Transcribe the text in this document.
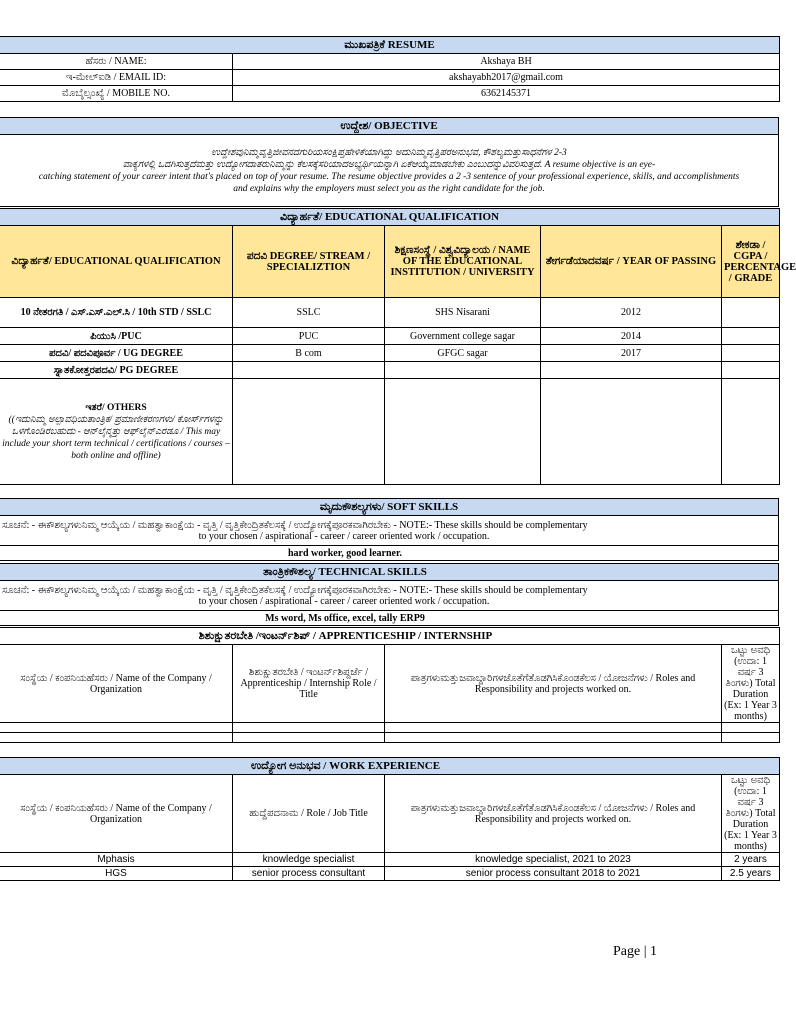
ಮುಖಪತ್ರಿಕೆ RESUME	
ಹೆಸರು / NAME:	Akshaya BH
ಇ-ಮೇಲ್ಐಡಿ / EMAIL ID:	akshayabh2017@gmail.com
ಮೊಬೈಲ್ಸಂಖ್ಯೆ / MOBILE NO.	6362145371
ಉದ್ದೇಶ/ OBJECTIVE

ಉದ್ದೇಶವುನಿಮ್ಮವೃತ್ತಿಜೀವನದಗುರಿಯಸಂಕ್ಷಿಪ್ತಹೇಳಿಕೆಯಾಗಿದ್ದು ಅದುನಿಮ್ಮವೃತ್ತಿಪರಅನುಭವ, ಕೌಶಲ್ಯಮತ್ತುಸಾಧನೆಗಳ 2-3
ವಾಕ್ಯಗಳಲ್ಲಿ ಒದಗಿಸುತ್ತದೆಮತ್ತು ಉದ್ಯೋಗದಾತರುನಿಮ್ಮನ್ನು ಕೆಲಸಕ್ಕೆಸರಿಯಾದಅಭ್ಯರ್ಥಿಯನ್ನಾಗಿ ಏಕೆಆಯ್ಕೆಮಾಡಬೇಕು ಎಂಬುದನ್ನುವಿವರಿಸುತ್ತದೆ. A resume objective is an eye-
catching statement of your career intent that's placed on top of your resume. The resume objective provides a 2 -3 sentence of your professional experience, skills, and accomplishments
and explains why the employers must select you as the right candidate for the job.
ವಿದ್ಯಾರ್ಹತೆ/ EDUCATIONAL QUALIFICATION				
ವಿದ್ಯಾರ್ಹತೆ/ EDUCATIONAL QUALIFICATION	ಪದವಿ DEGREE/ STREAM / SPECIALIZTION	ಶಿಕ್ಷಣಸಂಸ್ಥೆ / ವಿಶ್ವವಿದ್ಯಾಲಯ / NAME OF THE EDUCATIONAL INSTITUTION / UNIVERSITY	ತೇರ್ಗಡೆಯಾದವರ್ಷ / YEAR OF PASSING	ಶೇಕಡಾ / CGPA / PERCENTAGE / GRADE
10 ನೇತರಗತಿ / ಎಸ್.ಎಸ್.ಎಲ್.ಸಿ / 10th STD / SSLC	SSLC	SHS Nisarani	2012	
ಪಿಯುಸಿ /PUC	PUC	Government college sagar	2014	
ಪದವಿ/ ಪದವಿಪೂರ್ವ / UG DEGREE	B com	GFGC sagar	2017	
ಸ್ನಾತಕೋತ್ತರಪದವಿ/ PG DEGREE				

ಇತರೆ/ OTHERS
((ಇದುನಿಮ್ಮ ಅಲ್ಪಾವಧಿಯತಾಂತ್ರಿಕ/ ಪ್ರಮಾಣೀಕರಣಗಳು/ ಕೋರ್ಸ್‌ಗಳನ್ನು ಒಳಗೊಂಡಿರಬಹುದು - ಆನ್‌ಲೈನ್ಮತ್ತು ಆಫ್‌ಲೈನ್ಎರಡೂ / This may include your short term technical / certifications / courses – both online and offline)				

ಮೃದುಕೌಶಲ್ಯಗಳು/ SOFT SKILLS

ಸೂಚನೆ: - ಈಕೌಶಲ್ಯಗಳುನಿಮ್ಮ ಆಯ್ಕೆಯ / ಮಹತ್ವಾಕಾಂಕ್ಷೆಯ - ವೃತ್ತಿ / ವೃತ್ತಿಕೇಂದ್ರಿತಕೆಲಸಕ್ಕೆ / ಉದ್ಯೋಗಕ್ಕೆಪೂರಕವಾಗಿರಬೇಕು - NOTE:- These skills should be complementary
to your chosen / aspirational - career / career oriented work / occupation.

hard worker, good learner.
ತಾಂತ್ರಿಕಕೌಶಲ್ಯ/ TECHNICAL SKILLS

ಸೂಚನೆ: - ಈಕೌಶಲ್ಯಗಳುನಿಮ್ಮ ಆಯ್ಕೆಯ / ಮಹತ್ವಾಕಾಂಕ್ಷೆಯ - ವೃತ್ತಿ / ವೃತ್ತಿಕೇಂದ್ರಿತಕೆಲಸಕ್ಕೆ / ಉದ್ಯೋಗಕ್ಕೆಪೂರಕವಾಗಿರಬೇಕು - NOTE:- These skills should be complementary
to your chosen / aspirational - career / career oriented work / occupation.

Ms word, Ms office, excel, tally ERP9
ಶಿಶುಕ್ಷುತರಬೇತಿ /ಇಂಟರ್ನ್‌ಶಿಪ್ / APPRENTICESHIP / INTERNSHIP			
ಸಂಸ್ಥೆಯ / ಕಂಪನಿಯಹೆಸರು / Name of the Company / Organization	ಶಿಶುಕ್ಷುತರಬೇತಿ / ಇಂಟರ್ನ್‌ಶಿಪ್ದರ್ಜೆ / Apprenticeship / Internship Role / Title	ಪಾತ್ರಗಳುಮತ್ತುಜವಾಬ್ದಾರಿಗಳಜೊತೆಗೆತೊಡಗಿಸಿಕೊಂಡಕೆಲಸ / ಯೋಜನೆಗಳು / Roles and Responsibility and projects worked on.	ಒಟ್ಟು ಅವಧಿ (ಉದಾ: 1 ವರ್ಷ 3 ತಿಂಗಳು) Total Duration (Ex: 1 Year 3 months)

ಉದ್ಯೋಗ ಅನುಭವ / WORK EXPERIENCE			
ಸಂಸ್ಥೆಯ / ಕಂಪನಿಯಹೆಸರು / Name of the Company / Organization	ಹುದ್ದೆಪದನಾಮ / Role / Job Title	ಪಾತ್ರಗಳುಮತ್ತುಜವಾಬ್ದಾರಿಗಳಜೊತೆಗೆತೊಡಗಿಸಿಕೊಂಡಕೆಲಸ / ಯೋಜನೆಗಳು / Roles and Responsibility and projects worked on.	ಒಟ್ಟು ಅವಧಿ (ಉದಾ: 1 ವರ್ಷ 3 ತಿಂಗಳು) Total Duration (Ex: 1 Year 3 months)
Mphasis	knowledge specialist	knowledge specialist, 2021 to 2023	2 years
HGS	senior process consultant	senior process consultant 2018 to 2021	2.5 years
Page | 1
